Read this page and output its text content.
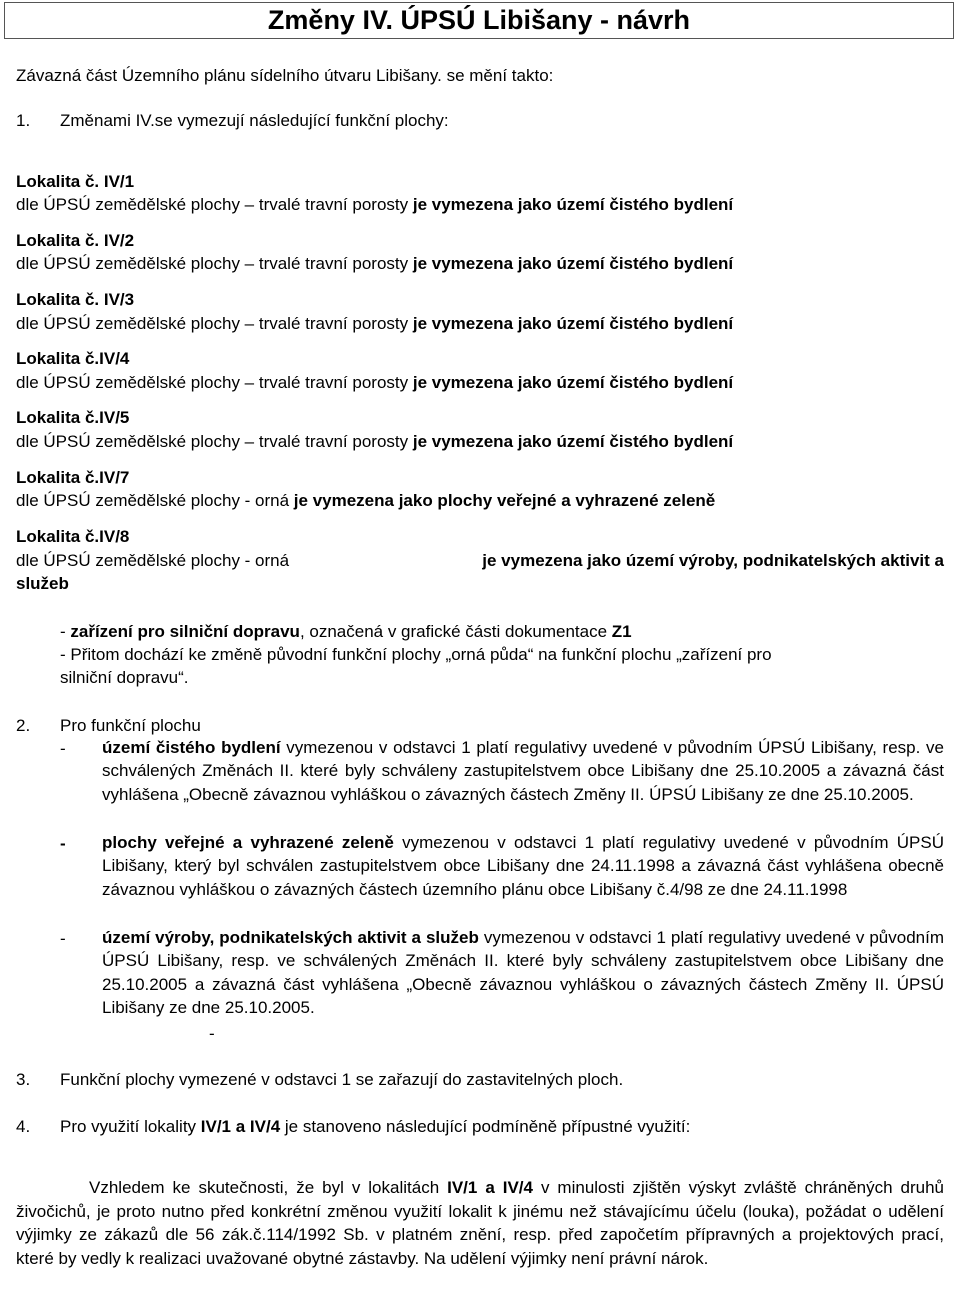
Změny IV. ÚPSÚ Libišany - návrh
Závazná část Územního plánu sídelního útvaru Libišany. se mění takto:
1. Změnami IV.se vymezují následující funkční plochy:
Lokalita č. IV/1
dle ÚPSÚ zemědělské plochy – trvalé travní porosty je vymezena jako území čistého bydlení
Lokalita č. IV/2
dle ÚPSÚ zemědělské plochy – trvalé travní porosty je vymezena jako území čistého bydlení
Lokalita č. IV/3
dle ÚPSÚ zemědělské plochy – trvalé travní porosty je vymezena jako území čistého bydlení
Lokalita č.IV/4
dle ÚPSÚ zemědělské plochy – trvalé travní porosty je vymezena jako území čistého bydlení
Lokalita č.IV/5
dle ÚPSÚ zemědělské plochy – trvalé travní porosty je vymezena jako území čistého bydlení
Lokalita č.IV/7
dle ÚPSÚ zemědělské plochy - orná je vymezena jako plochy veřejné a vyhrazené zeleně
Lokalita č.IV/8
dle ÚPSÚ zemědělské plochy - orná	je vymezena jako území výroby, podnikatelských aktivit a
služeb
- zařízení pro silniční dopravu, označená v grafické části dokumentace Z1
- Přitom dochází ke změně původní funkční plochy „orná půda“ na funkční plochu „zařízení pro
silniční dopravu“.
2. Pro funkční plochu
- území čistého bydlení vymezenou v odstavci 1 platí regulativy uvedené v původním ÚPSÚ Libišany, resp. ve schválených Změnách II. které byly schváleny zastupitelstvem obce Libišany dne 25.10.2005 a závazná část vyhlášena „Obecně závaznou vyhláškou o závazných částech Změny II. ÚPSÚ Libišany ze dne 25.10.2005.
- plochy veřejné a vyhrazené zeleně vymezenou v odstavci 1 platí regulativy uvedené v původním ÚPSÚ Libišany, který byl schválen zastupitelstvem obce Libišany dne 24.11.1998 a závazná část vyhlášena obecně závaznou vyhláškou o závazných částech územního plánu obce Libišany č.4/98 ze dne 24.11.1998
- území výroby, podnikatelských aktivit a služeb vymezenou v odstavci 1 platí regulativy uvedené v původním ÚPSÚ Libišany, resp. ve schválených Změnách II. které byly schváleny zastupitelstvem obce Libišany dne 25.10.2005 a závazná část vyhlášena „Obecně závaznou vyhláškou o závazných částech Změny II. ÚPSÚ Libišany ze dne 25.10.2005.
-
3. Funkční plochy vymezené v odstavci 1 se zařazují do zastavitelných ploch.
4. Pro využití lokality IV/1 a IV/4 je stanoveno následující podmíněně přípustné využití:
Vzhledem ke skutečnosti, že byl v lokalitách IV/1 a IV/4 v minulosti zjištěn výskyt zvláště chráněných druhů živočichů, je proto nutno před konkrétní změnou využití lokalit k jinému než stávajícímu účelu (louka), požádat o udělení výjimky ze zákazů dle 56 zák.č.114/1992 Sb. v platném znění, resp. před započetím přípravných a projektových prací, které by vedly k realizaci uvažované obytné zástavby. Na udělení výjimky není právní nárok.
